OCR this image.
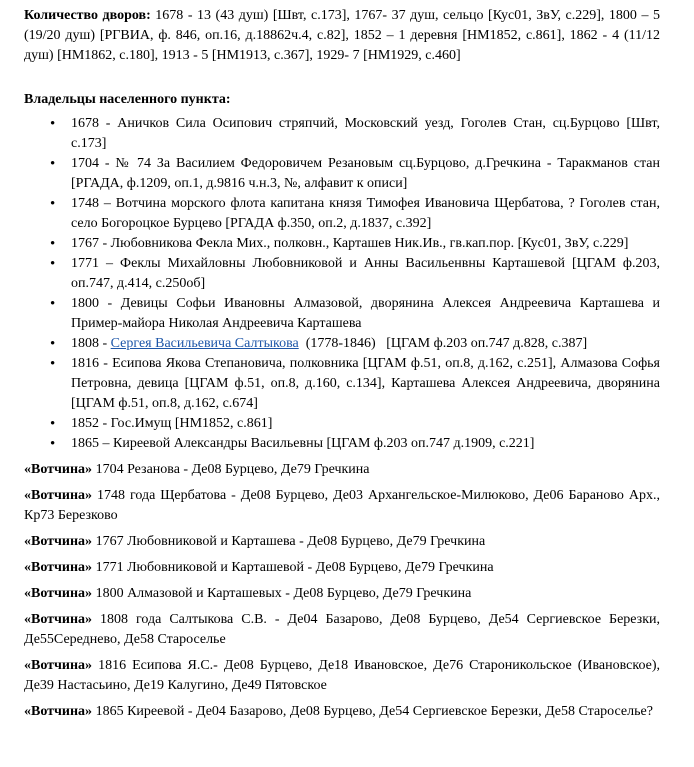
Количество дворов: 1678 - 13 (43 душ) [Швт, с.173], 1767- 37 душ, сельцо [Кус01, ЗвУ, с.229], 1800 – 5 (19/20 душ) [РГВИА, ф. 846, оп.16, д.18862ч.4, с.82], 1852 – 1 деревня [НМ1852, с.861], 1862 - 4 (11/12 душ) [НМ1862, с.180], 1913 - 5 [НМ1913, с.367], 1929- 7 [НМ1929, с.460]

Владельцы населенного пункта:

• 1678 - Аничков Сила Осипович стряпчий, Московский уезд, Гоголев Стан, сц.Бурцово [Швт, с.173]
• 1704 - № 74 За Василием Федоровичем Резановым сц.Бурцово, д.Гречкина - Таракманов стан [РГАДА, ф.1209, оп.1, д.9816 ч.н.3, №, алфавит к описи]
• 1748 – Вотчина морского флота капитана князя Тимофея Ивановича Щербатова, ? Гоголев стан, село Богороцкое Бурцево [РГАДА ф.350, оп.2, д.1837, с.392]
• 1767 - Любовникова Фекла Мих., полковн., Карташев Ник.Ив., гв.кап.пор. [Кус01, ЗвУ, с.229]
• 1771 – Феклы Михайловны Любовниковой и Анны Васильенвны Карташевой [ЦГАМ ф.203, оп.747, д.414, с.250об]
• 1800 - Девицы Софьи Ивановны Алмазовой, дворянина Алексея Андреевича Карташева и Пример-майора Николая Андреевича Карташева
• 1808 - Сергея Васильевича Салтыкова  (1778-1846)   [ЦГАМ ф.203 оп.747 д.828, с.387]
• 1816 - Есипова Якова Степановича, полковника [ЦГАМ ф.51, оп.8, д.162, с.251], Алмазова Софья Петровна, девица [ЦГАМ ф.51, оп.8, д.160, с.134], Карташева Алексея Андреевича, дворянина [ЦГАМ ф.51, оп.8, д.162, с.674]
• 1852 - Гос.Имущ [НМ1852, с.861]
• 1865 – Киреевой Александры Васильевны [ЦГАМ ф.203 оп.747 д.1909, с.221]

«Вотчина» 1704 Резанова - Де08 Бурцево, Де79 Гречкина

«Вотчина» 1748 года Щербатова - Де08 Бурцево, Де03 Архангельское-Милюково, Де06 Бараново Арх., Кр73 Березково

«Вотчина» 1767 Любовниковой и Карташева - Де08 Бурцево, Де79 Гречкина

«Вотчина» 1771 Любовниковой и Карташевой - Де08 Бурцево, Де79 Гречкина

«Вотчина» 1800 Алмазовой и Карташевых - Де08 Бурцево, Де79 Гречкина

«Вотчина» 1808 года Салтыкова С.В. - Де04 Базарово, Де08 Бурцево, Де54 Сергиевское Березки, Де55Середнево, Де58 Староселье

«Вотчина» 1816 Есипова Я.С.- Де08 Бурцево, Де18 Ивановское, Де76 Староникольское (Ивановское), Де39 Настасьино, Де19 Калугино, Де49 Пятовское

«Вотчина» 1865 Киреевой - Де04 Базарово, Де08 Бурцево, Де54 Сергиевское Березки, Де58 Старосельe?
